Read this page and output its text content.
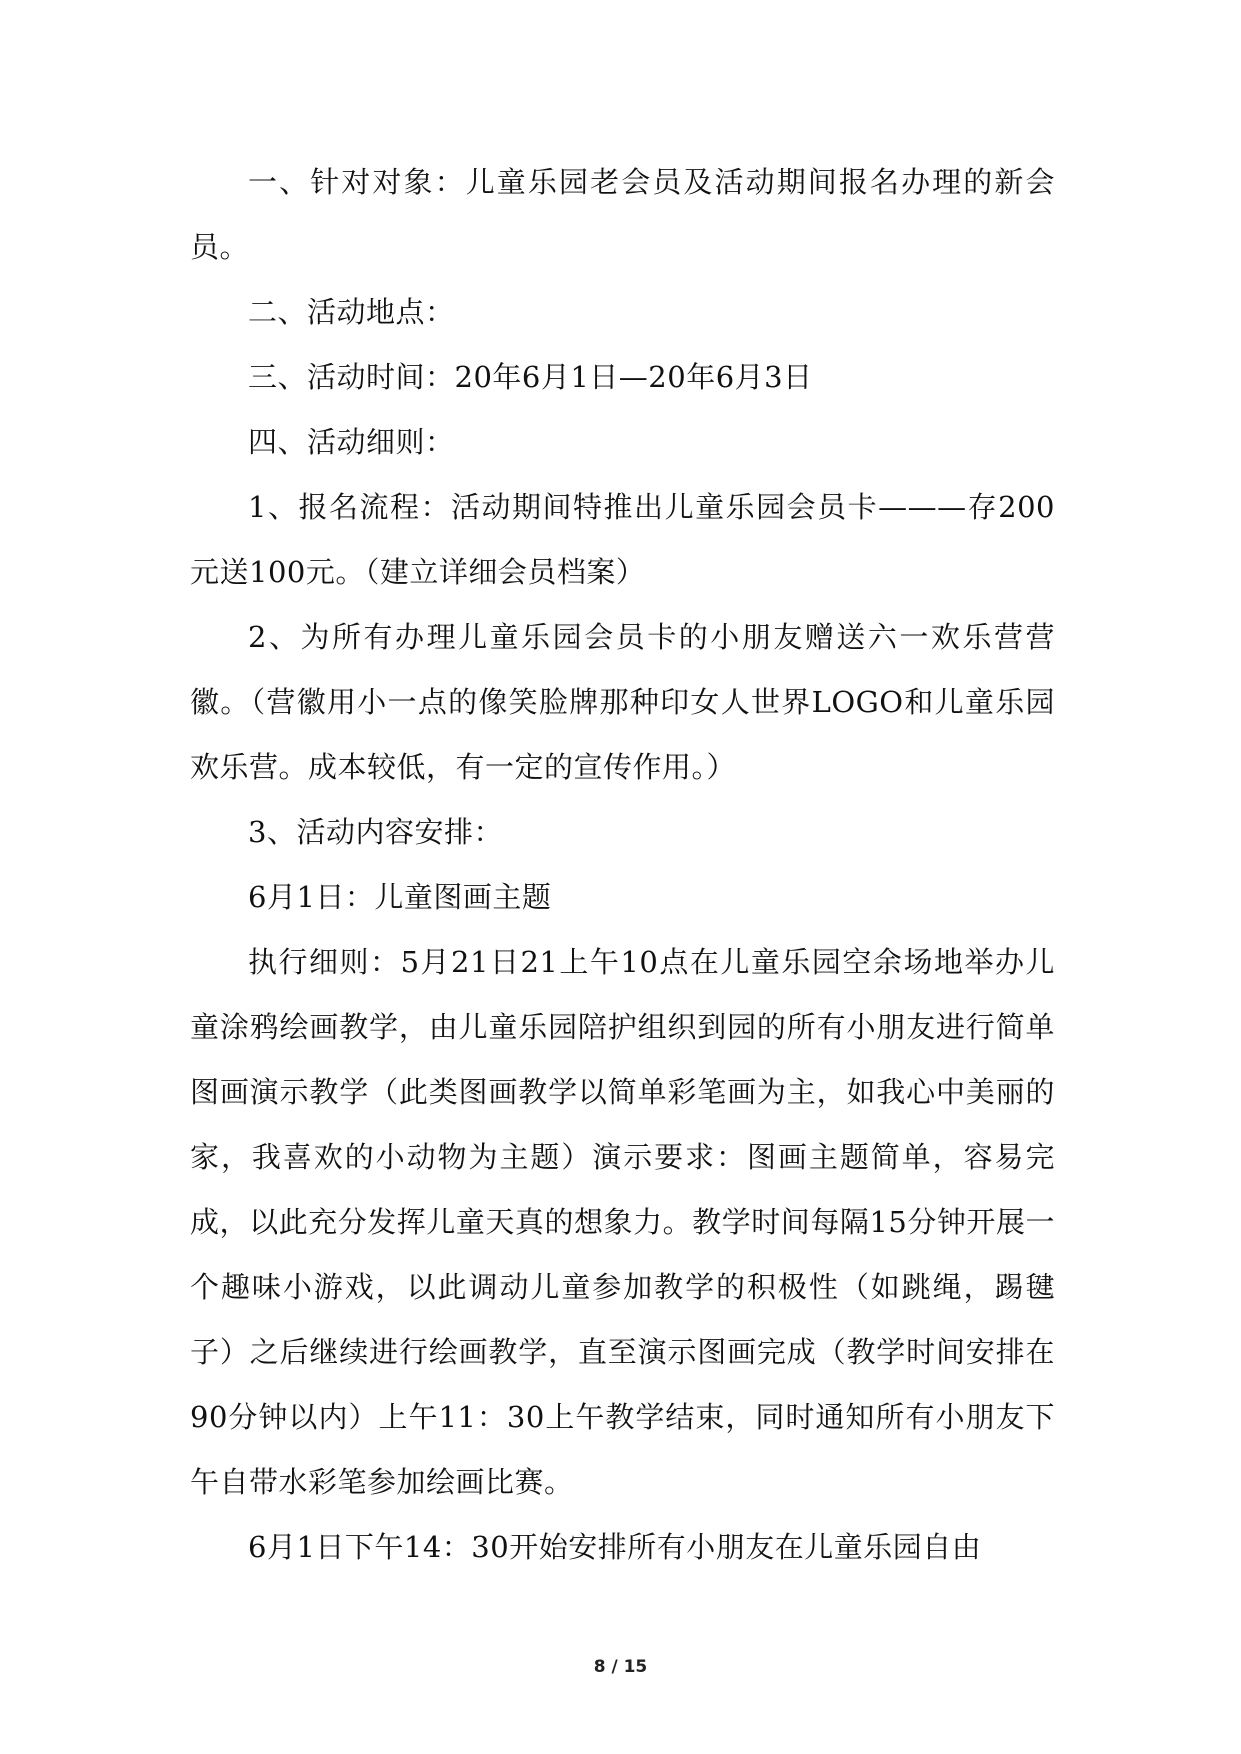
一、针对对象：儿童乐园老会员及活动期间报名办理的新会员。

二、活动地点：

三、活动时间：20年6月1日—20年6月3日

四、活动细则：

1、报名流程：活动期间特推出儿童乐园会员卡———存200元送100元。（建立详细会员档案）

2、为所有办理儿童乐园会员卡的小朋友赠送六一欢乐营营徽。（营徽用小一点的像笑脸牌那种印女人世界LOGO和儿童乐园欢乐营。成本较低，有一定的宣传作用。）

3、活动内容安排：

6月1日：儿童图画主题

执行细则：5月21日21上午10点在儿童乐园空余场地举办儿童涂鸦绘画教学，由儿童乐园陪护组织到园的所有小朋友进行简单图画演示教学（此类图画教学以简单彩笔画为主，如我心中美丽的家，我喜欢的小动物为主题）演示要求：图画主题简单，容易完成，以此充分发挥儿童天真的想象力。教学时间每隔15分钟开展一个趣味小游戏，以此调动儿童参加教学的积极性（如跳绳，踢毽子）之后继续进行绘画教学，直至演示图画完成（教学时间安排在90分钟以内）上午11：30上午教学结束，同时通知所有小朋友下午自带水彩笔参加绘画比赛。

6月1日下午14：30开始安排所有小朋友在儿童乐园自由

8 / 15
